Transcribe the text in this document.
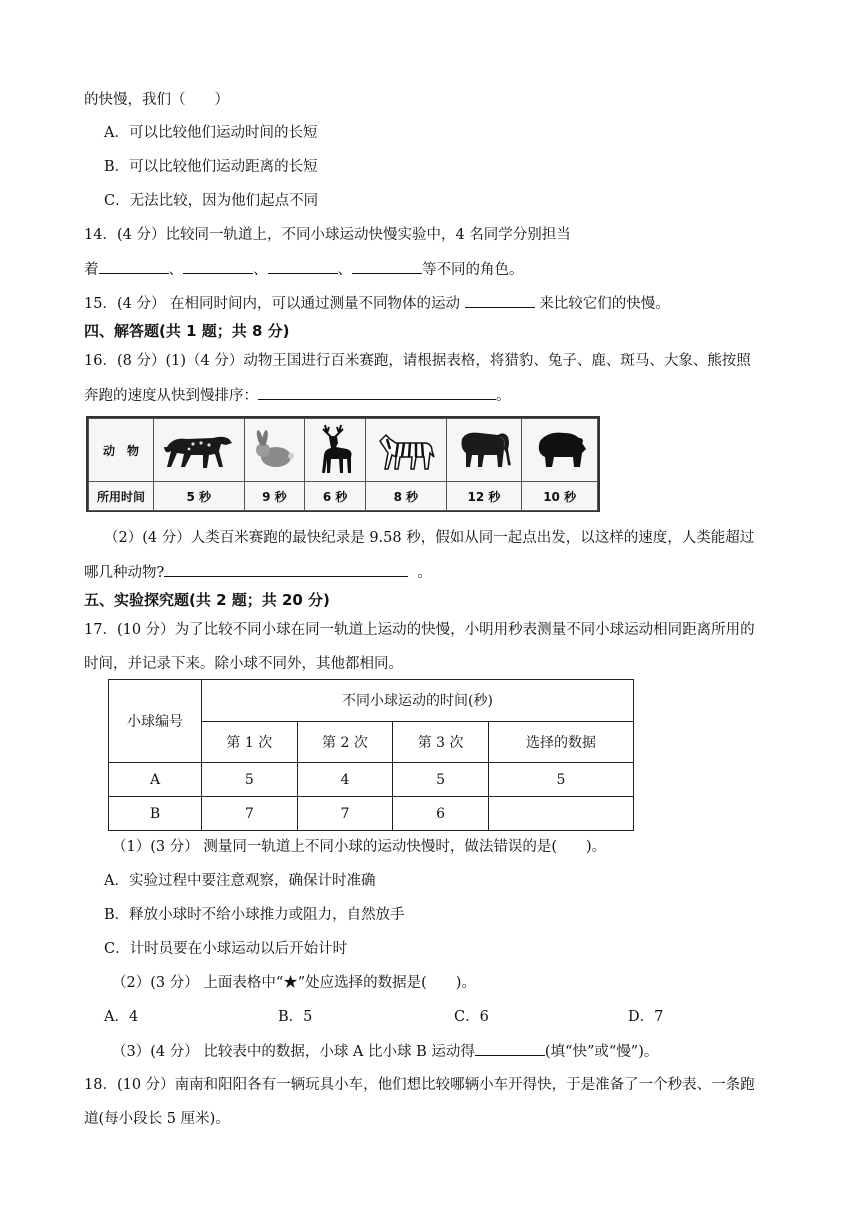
的快慢，我们（　　）
A．可以比较他们运动时间的长短
B．可以比较他们运动距离的长短
C．无法比较，因为他们起点不同
14．(4 分）比较同一轨道上，不同小球运动快慢实验中，4 名同学分别担当
着	、	、	、	等不同的角色。
15．(4 分） 在相同时间内，可以通过测量不同物体的运动	来比较它们的快慢。
四、解答题(共 1 题；共 8 分)
16．(8 分）(1)（4 分）动物王国进行百米赛跑，请根据表格，将猎豹、兔子、鹿、斑马、大象、熊按照
奔跑的速度从快到慢排序：	。
动　物						
所用时间	5 秒	9 秒	6 秒	8 秒	12 秒	10 秒
（2）(4 分）人类百米赛跑的最快纪录是 9.58 秒，假如从同一起点出发，以这样的速度，人类能超过
哪几种动物?	。
五、实验探究题(共 2 题；共 20 分)
17．(10 分）为了比较不同小球在同一轨道上运动的快慢，小明用秒表测量不同小球运动相同距离所用的
时间，并记录下来。除小球不同外，其他都相同。
小球编号	不同小球运动的时间(秒)			
	第 1 次	第 2 次	第 3 次	选择的数据
A	5	4	5	5
B	7	7	6	
（1）(3 分） 测量同一轨道上不同小球的运动快慢时，做法错误的是(　　)。
A．实验过程中要注意观察，确保计时准确
B．释放小球时不给小球推力或阻力，自然放手
C．计时员要在小球运动以后开始计时
（2）(3 分） 上面表格中“★”处应选择的数据是(　　)。
A．4	B．5	C．6	D．7
（3）(4 分） 比较表中的数据，小球 A 比小球 B 运动得	(填“快”或“慢”)。
18．(10 分）南南和阳阳各有一辆玩具小车，他们想比较哪辆小车开得快，于是准备了一个秒表、一条跑
道(每小段长 5 厘米)。
